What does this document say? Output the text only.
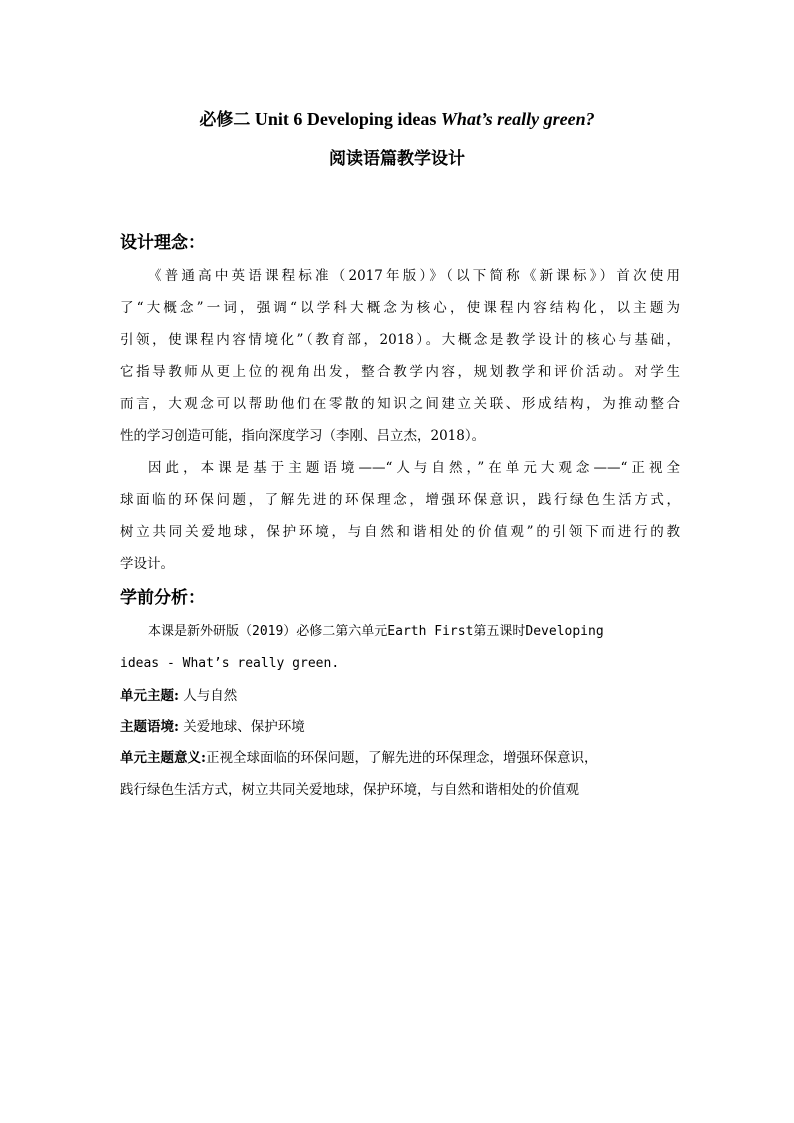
必修二 Unit 6 Developing ideas What’s really green?
阅读语篇教学设计
设计理念：
《普通高中英语课程标准（2017年版）》（以下简称《新课标》）首次使用
了“大概念”一词，强调“以学科大概念为核心，使课程内容结构化，以主题为
引领，使课程内容情境化”（教育部，2018）。大概念是教学设计的核心与基础，
它指导教师从更上位的视角出发，整合教学内容，规划教学和评价活动。对学生
而言，大观念可以帮助他们在零散的知识之间建立关联、形成结构，为推动整合
性的学习创造可能，指向深度学习（李刚、吕立杰，2018）。
因此，本课是基于主题语境——“人与自然，”在单元大观念——“正视全
球面临的环保问题，了解先进的环保理念，增强环保意识，践行绿色生活方式，
树立共同关爱地球，保护环境，与自然和谐相处的价值观”的引领下而进行的教
学设计。
学前分析：
本课是新外研版（2019）必修二第六单元Earth First第五课时Developing
ideas - What’s really green.
单元主题: 人与自然
主题语境: 关爱地球、保护环境
单元主题意义:正视全球面临的环保问题，了解先进的环保理念，增强环保意识，
践行绿色生活方式，树立共同关爱地球，保护环境，与自然和谐相处的价值观
